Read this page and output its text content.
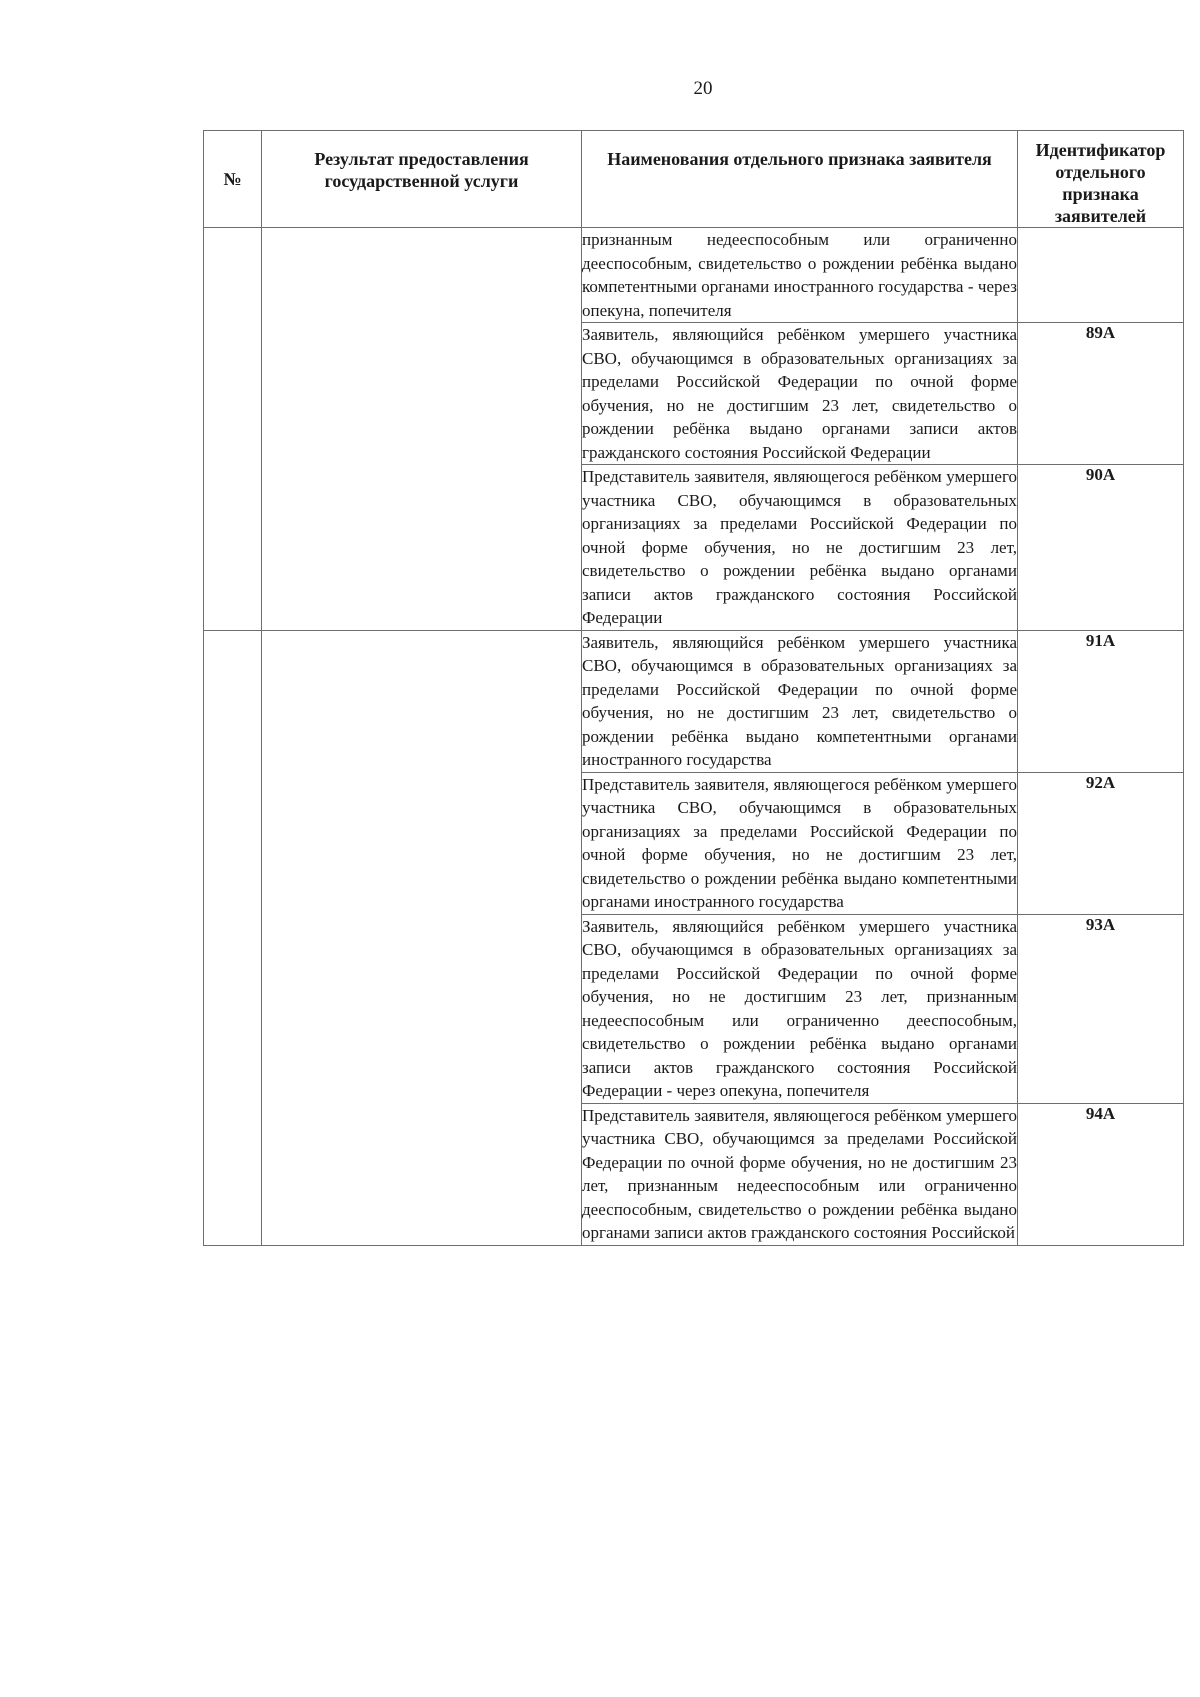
20
№	Результат предоставления государственной услуги	Наименования отдельного признака заявителя	Идентификатор отдельного признака заявителей
		признанным недееспособным или ограниченно дееспособным, свидетельство о рождении ребёнка выдано компетентными органами иностранного государства - через опекуна, попечителя	
		Заявитель, являющийся ребёнком умершего участника СВО, обучающимся в образовательных организациях за пределами Российской Федерации по очной форме обучения, но не достигшим 23 лет, свидетельство о рождении ребёнка выдано органами записи актов гражданского состояния Российской Федерации	89А
		Представитель заявителя, являющегося ребёнком умершего участника СВО, обучающимся в образовательных организациях за пределами Российской Федерации по очной форме обучения, но не достигшим 23 лет, свидетельство о рождении ребёнка выдано органами записи актов гражданского состояния Российской Федерации	90А
		Заявитель, являющийся ребёнком умершего участника СВО, обучающимся в образовательных организациях за пределами Российской Федерации по очной форме обучения, но не достигшим 23 лет, свидетельство о рождении ребёнка выдано компетентными органами иностранного государства	91А
		Представитель заявителя, являющегося ребёнком умершего участника СВО, обучающимся в образовательных организациях за пределами Российской Федерации по очной форме обучения, но не достигшим 23 лет, свидетельство о рождении ребёнка выдано компетентными органами иностранного государства	92А
		Заявитель, являющийся ребёнком умершего участника СВО, обучающимся в образовательных организациях за пределами Российской Федерации по очной форме обучения, но не достигшим 23 лет, признанным недееспособным или ограниченно дееспособным, свидетельство о рождении ребёнка выдано органами записи актов гражданского состояния Российской Федерации - через опекуна, попечителя	93А
		Представитель заявителя, являющегося ребёнком умершего участника СВО, обучающимся за пределами Российской Федерации по очной форме обучения, но не достигшим 23 лет, признанным недееспособным или ограниченно дееспособным, свидетельство о рождении ребёнка выдано органами записи актов гражданского состояния Российской	94А
